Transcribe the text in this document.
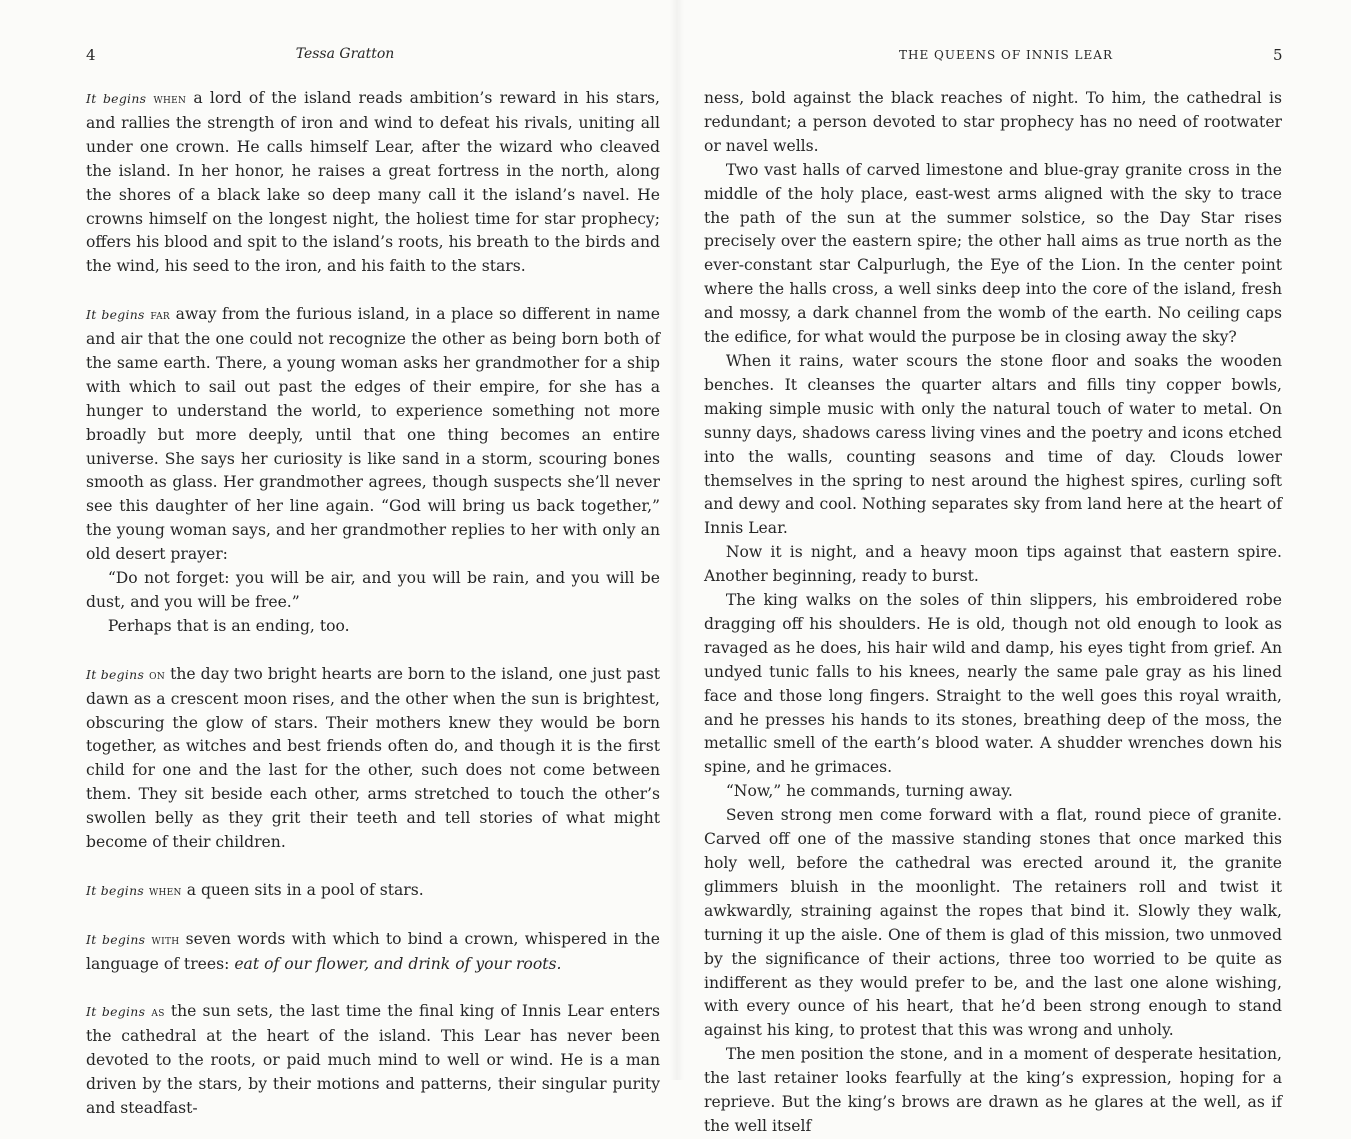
4	Tessa Gratton

It begins when a lord of the island reads ambition’s reward in his stars, and rallies the strength of iron and wind to defeat his rivals, uniting all under one crown. He calls himself Lear, after the wizard who cleaved the island. In her honor, he raises a great fortress in the north, along the shores of a black lake so deep many call it the island’s navel. He crowns himself on the longest night, the holiest time for star prophecy; offers his blood and spit to the island’s roots, his breath to the birds and the wind, his seed to the iron, and his faith to the stars.

It begins far away from the furious island, in a place so different in name and air that the one could not recognize the other as being born both of the same earth. There, a young woman asks her grandmother for a ship with which to sail out past the edges of their empire, for she has a hunger to understand the world, to experience something not more broadly but more deeply, until that one thing becomes an entire universe. She says her curiosity is like sand in a storm, scouring bones smooth as glass. Her grandmother agrees, though suspects she’ll never see this daughter of her line again. “God will bring us back together,” the young woman says, and her grandmother replies to her with only an old desert prayer:

“Do not forget: you will be air, and you will be rain, and you will be dust, and you will be free.”

Perhaps that is an ending, too.

It begins on the day two bright hearts are born to the island, one just past dawn as a crescent moon rises, and the other when the sun is brightest, obscuring the glow of stars. Their mothers knew they would be born together, as witches and best friends often do, and though it is the first child for one and the last for the other, such does not come between them. They sit beside each other, arms stretched to touch the other’s swollen belly as they grit their teeth and tell stories of what might become of their children.

It begins when a queen sits in a pool of stars.

It begins with seven words with which to bind a crown, whispered in the language of trees: eat of our flower, and drink of your roots.

It begins as the sun sets, the last time the final king of Innis Lear enters the cathedral at the heart of the island. This Lear has never been devoted to the roots, or paid much mind to well or wind. He is a man driven by the stars, by their motions and patterns, their singular purity and steadfast-

THE QUEENS OF INNIS LEAR	5

ness, bold against the black reaches of night. To him, the cathedral is redundant; a person devoted to star prophecy has no need of rootwater or navel wells.

Two vast halls of carved limestone and blue-gray granite cross in the middle of the holy place, east-west arms aligned with the sky to trace the path of the sun at the summer solstice, so the Day Star rises precisely over the eastern spire; the other hall aims as true north as the ever-constant star Calpurlugh, the Eye of the Lion. In the center point where the halls cross, a well sinks deep into the core of the island, fresh and mossy, a dark channel from the womb of the earth. No ceiling caps the edifice, for what would the purpose be in closing away the sky?

When it rains, water scours the stone floor and soaks the wooden benches. It cleanses the quarter altars and fills tiny copper bowls, making simple music with only the natural touch of water to metal. On sunny days, shadows caress living vines and the poetry and icons etched into the walls, counting seasons and time of day. Clouds lower themselves in the spring to nest around the highest spires, curling soft and dewy and cool. Nothing separates sky from land here at the heart of Innis Lear.

Now it is night, and a heavy moon tips against that eastern spire. Another beginning, ready to burst.

The king walks on the soles of thin slippers, his embroidered robe dragging off his shoulders. He is old, though not old enough to look as ravaged as he does, his hair wild and damp, his eyes tight from grief. An undyed tunic falls to his knees, nearly the same pale gray as his lined face and those long fingers. Straight to the well goes this royal wraith, and he presses his hands to its stones, breathing deep of the moss, the metallic smell of the earth’s blood water. A shudder wrenches down his spine, and he grimaces.

“Now,” he commands, turning away.

Seven strong men come forward with a flat, round piece of granite. Carved off one of the massive standing stones that once marked this holy well, before the cathedral was erected around it, the granite glimmers bluish in the moonlight. The retainers roll and twist it awkwardly, straining against the ropes that bind it. Slowly they walk, turning it up the aisle. One of them is glad of this mission, two unmoved by the significance of their actions, three too worried to be quite as indifferent as they would prefer to be, and the last one alone wishing, with every ounce of his heart, that he’d been strong enough to stand against his king, to protest that this was wrong and unholy.

The men position the stone, and in a moment of desperate hesitation, the last retainer looks fearfully at the king’s expression, hoping for a reprieve. But the king’s brows are drawn as he glares at the well, as if the well itself
